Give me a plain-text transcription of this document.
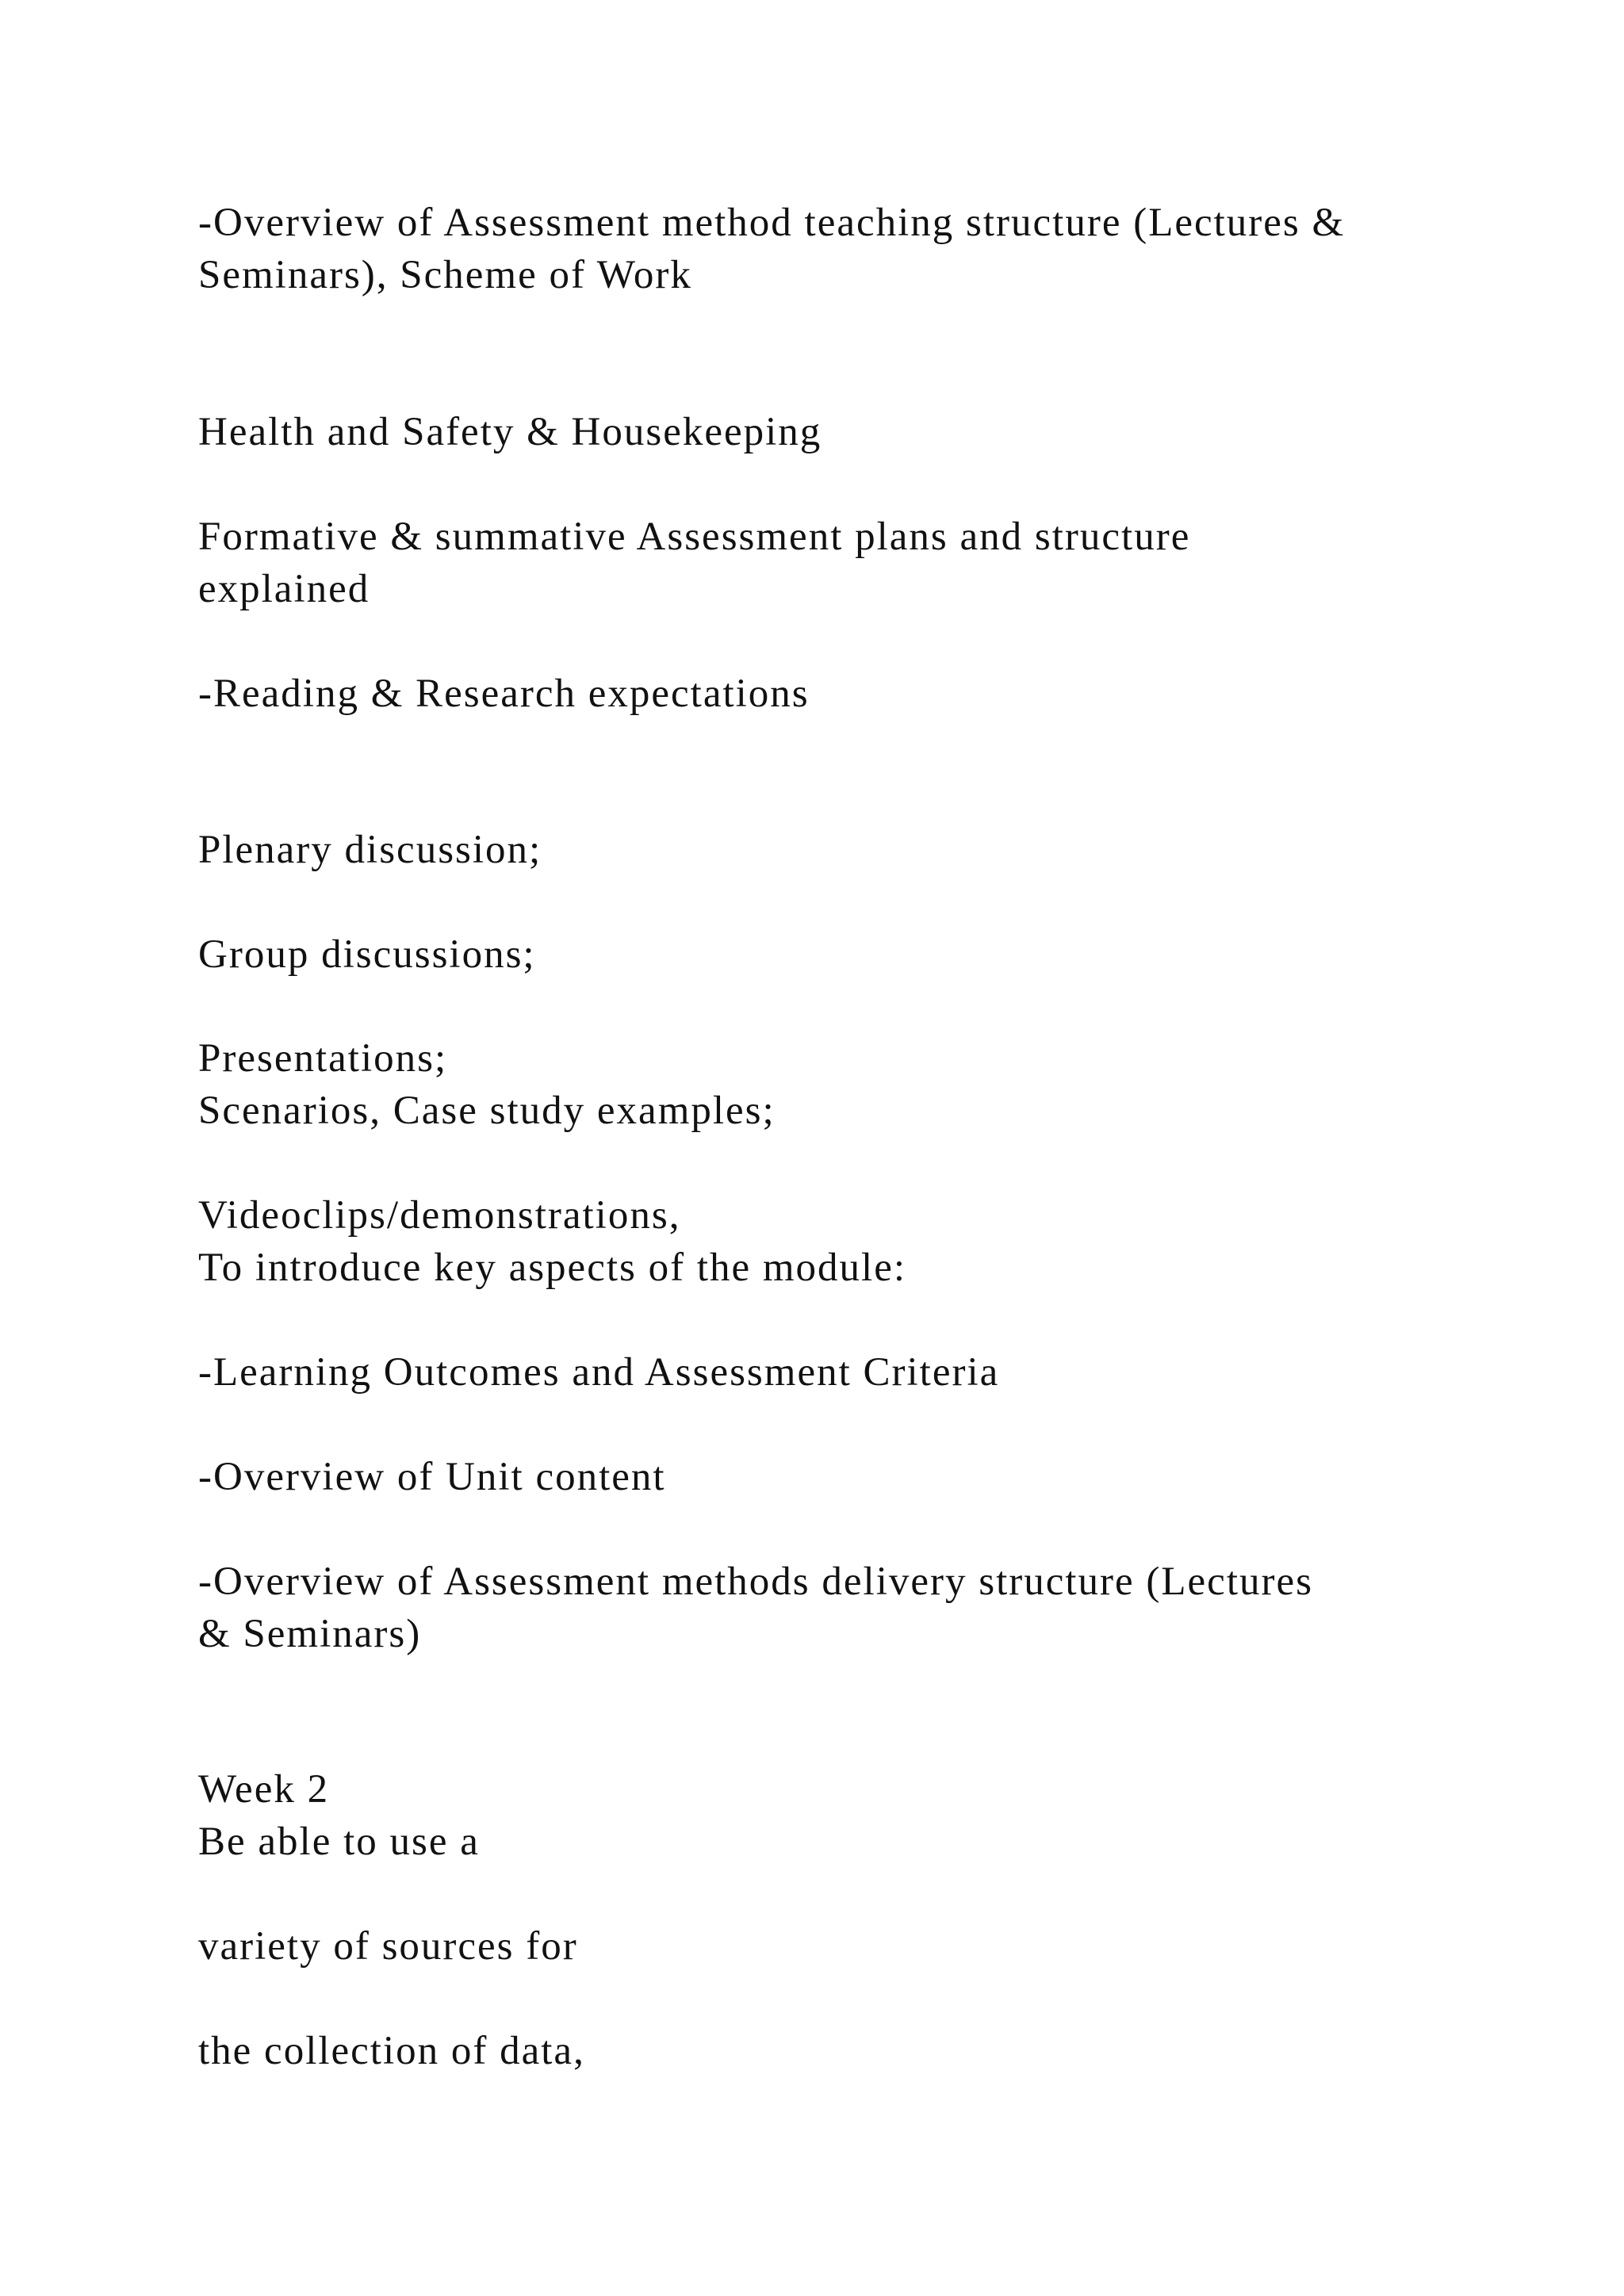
-Overview of Assessment method teaching structure (Lectures &

Seminars), Scheme of Work

Health and Safety & Housekeeping

Formative & summative Assessment plans and structure

explained

-Reading & Research expectations

Plenary discussion;

Group discussions;

Presentations;

Scenarios, Case study examples;

Videoclips/demonstrations,

To introduce key aspects of the module:

-Learning Outcomes and Assessment Criteria

-Overview of Unit content

-Overview of Assessment methods delivery structure (Lectures

& Seminars)

Week 2

Be able to use a

variety of sources for

the collection of data,
